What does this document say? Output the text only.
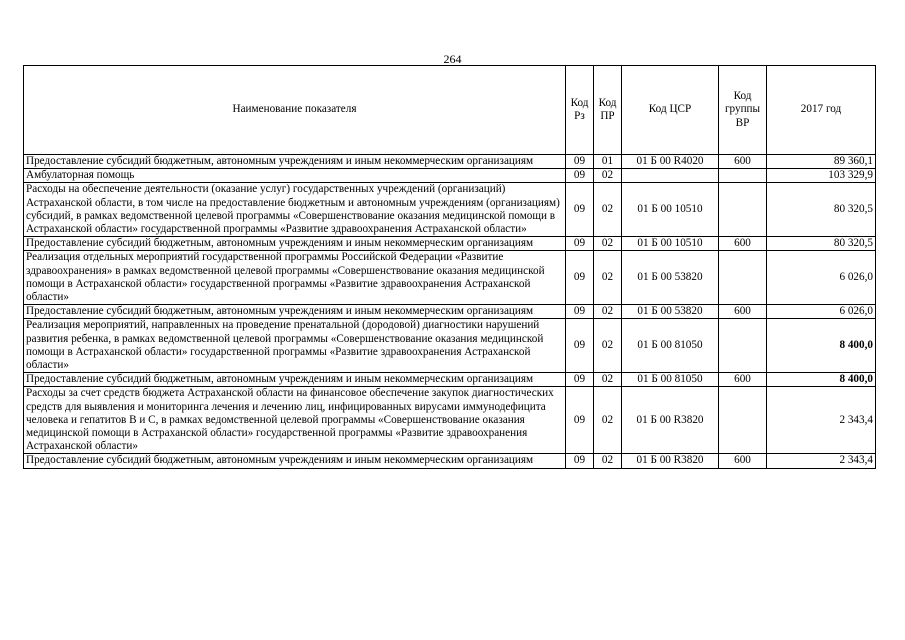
264
Наименование показателя	Код Рз	Код ПР	Код ЦСР	Код группы ВР	2017 год
Предоставление субсидий бюджетным, автономным учреждениям и иным некоммерческим организациям	09	01	01 Б 00 R4020	600	89 360,1
Амбулаторная помощь	09	02			103 329,9
Расходы на обеспечение деятельности (оказание услуг) государственных учреждений (организаций) Астраханской области, в том числе на предоставление бюджетным и автономным учреждениям (организациям) субсидий, в рамках ведомственной целевой программы «Совершенствование оказания медицинской помощи в Астраханской области» государственной программы «Развитие здравоохранения Астраханской области»	09	02	01 Б 00 10510		80 320,5
Предоставление субсидий бюджетным, автономным учреждениям и иным некоммерческим организациям	09	02	01 Б 00 10510	600	80 320,5
Реализация отдельных мероприятий государственной программы Российской Федерации «Развитие здравоохранения» в рамках ведомственной целевой программы «Совершенствование оказания медицинской помощи в Астраханской области» государственной программы «Развитие здравоохранения Астраханской области»	09	02	01 Б 00 53820		6 026,0
Предоставление субсидий бюджетным, автономным учреждениям и иным некоммерческим организациям	09	02	01 Б 00 53820	600	6 026,0
Реализация мероприятий, направленных на проведение пренатальной (дородовой) диагностики нарушений развития ребенка, в рамках ведомственной целевой программы «Совершенствование оказания медицинской помощи в Астраханской области» государственной программы «Развитие здравоохранения Астраханской области»	09	02	01 Б 00 81050		8 400,0
Предоставление субсидий бюджетным, автономным учреждениям и иным некоммерческим организациям	09	02	01 Б 00 81050	600	8 400,0
Расходы за счет средств бюджета Астраханской области на финансовое обеспечение закупок диагностических средств для выявления и мониторинга лечения и лечению лиц, инфицированных вирусами иммунодефицита человека и гепатитов В и С, в рамках ведомственной целевой программы «Совершенствование оказания медицинской помощи в Астраханской области» государственной программы «Развитие здравоохранения Астраханской области»	09	02	01 Б 00 R3820		2 343,4
Предоставление субсидий бюджетным, автономным учреждениям и иным некоммерческим организациям	09	02	01 Б 00 R3820	600	2 343,4
